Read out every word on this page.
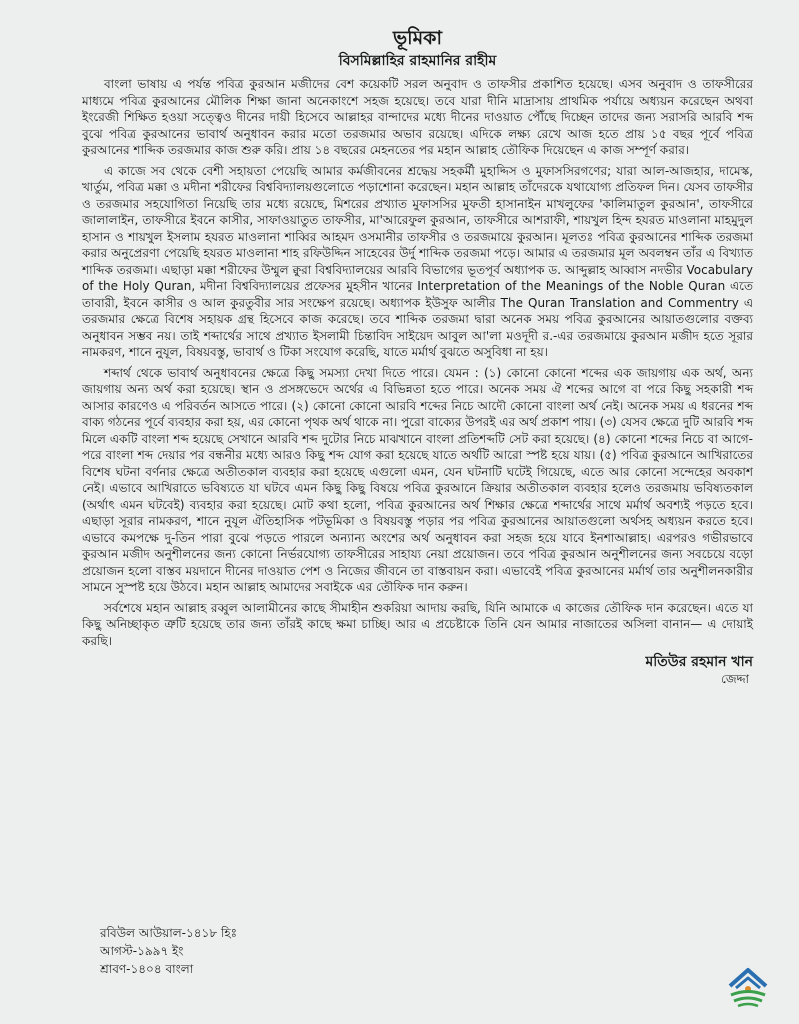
ভূমিকা
বিসমিল্লাহির রাহমানির রাহীম

বাংলা ভাষায় এ পর্যন্ত পবিত্র কুরআন মজীদের বেশ কয়েকটি সরল অনুবাদ ও তাফসীর প্রকাশিত হয়েছে। এসব অনুবাদ ও তাফসীরের মাধ্যমে পবিত্র কুরআনের মৌলিক শিক্ষা জানা অনেকাংশে সহজ হয়েছে। তবে যারা দীনি মাদ্রাসায় প্রাথমিক পর্যায়ে অধ্যয়ন করেছেন অথবা ইংরেজী শিক্ষিত হওয়া সত্ত্বেও দীনের দায়ী হিসেবে আল্লাহর বান্দাদের মধ্যে দীনের দাওয়াত পৌঁছে দিচ্ছেন তাদের জন্য সরাসরি আরবি শব্দ বুঝে পবিত্র কুরআনের ভাবার্থ অনুধাবন করার মতো তরজমার অভাব রয়েছে। এদিকে লক্ষ্য রেখে আজ হতে প্রায় ১৫ বছর পূর্বে পবিত্র কুরআনের শাব্দিক তরজমার কাজ শুরু করি। প্রায় ১৪ বছরের মেহনতের পর মহান আল্লাহ তৌফিক দিয়েছেন এ কাজ সম্পূর্ণ করার।

এ কাজে সব থেকে বেশী সহায়তা পেয়েছি আমার কর্মজীবনের শ্রদ্ধেয় সহকর্মী মুহাদ্দিস ও মুফাসসিরগণের; যারা আল-আজহার, দামেস্ক, খার্তুম, পবিত্র মক্কা ও মদীনা শরীফের বিশ্ববিদ্যালয়গুলোতে পড়াশোনা করেছেন। মহান আল্লাহ তাঁদেরকে যথাযোগ্য প্রতিফল দিন। যেসব তাফসীর ও তরজমার সহযোগিতা নিয়েছি তার মধ্যে রয়েছে, মিশরের প্রখ্যাত মুফাসসির মুফতী হাসানাইন মাখলুফের 'কালিমাতুল কুরআন', তাফসীরে জালালাইন, তাফসীরে ইবনে কাসীর, সাফাওয়াতুত তাফসীর, মা'আরেফুল কুরআন, তাফসীরে আশরাফী, শায়খুল হিন্দ হযরত মাওলানা মাহমুদুল হাসান ও শায়খুল ইসলাম হযরত মাওলানা শাব্বির আহমদ ওসমানীর তাফসীর ও তরজমায়ে কুরআন। মূলতঃ পবিত্র কুরআনের শাব্দিক তরজমা করার অনুপ্রেরণা পেয়েছি হযরত মাওলানা শাহ রফিউদ্দিন সাহেবের উর্দু শাব্দিক তরজমা পড়ে। আমার এ তরজমার মূল অবলম্বন তাঁর এ বিখ্যাত শাব্দিক তরজমা। এছাড়া মক্কা শরীফের উম্মুল ক্বুরা বিশ্ববিদ্যালয়ের আরবি বিভাগের ভূতপূর্ব অধ্যাপক ড. আব্দুল্লাহ আব্বাস নদভীর Vocabulary of the Holy Quran, মদীনা বিশ্ববিদ্যালয়ের প্রফেসর মুহসীন খানের Interpretation of the Meanings of the Noble Quran এতে তাবারী, ইবনে কাসীর ও আল কুরতুবীর সার সংক্ষেপ রয়েছে। অধ্যাপক ইউসুফ আলীর The Quran Translation and Commentry এ তরজমার ক্ষেত্রে বিশেষ সহায়ক গ্রন্থ হিসেবে কাজ করেছে। তবে শাব্দিক তরজমা দ্বারা অনেক সময় পবিত্র কুরআনের আয়াতগুলোর বক্তব্য অনুধাবন সম্ভব নয়। তাই শব্দার্থের সাথে প্রখ্যাত ইসলামী চিন্তাবিদ সাইয়েদ আবুল আ'লা মওদূদী র.-এর তরজমায়ে কুরআন মজীদ হতে সূরার নামকরণ, শানে নুযূল, বিষয়বস্তু, ভাবার্থ ও টিকা সংযোগ করেছি, যাতে মর্মার্থ বুঝতে অসুবিধা না হয়।

শব্দার্থ থেকে ভাবার্থ অনুধাবনের ক্ষেত্রে কিছু সমস্যা দেখা দিতে পারে। যেমন : (১) কোনো কোনো শব্দের এক জায়গায় এক অর্থ, অন্য জায়গায় অন্য অর্থ করা হয়েছে। স্থান ও প্রসঙ্গভেদে অর্থের এ বিভিন্নতা হতে পারে। অনেক সময় ঐ শব্দের আগে বা পরে কিছু সহকারী শব্দ আসার কারণেও এ পরিবর্তন আসতে পারে। (২) কোনো কোনো আরবি শব্দের নিচে আদৌ কোনো বাংলা অর্থ নেই। অনেক সময় এ ধরনের শব্দ বাক্য গঠনের পূর্বে ব্যবহার করা হয়, এর কোনো পৃথক অর্থ থাকে না। পুরো বাক্যের উপরই এর অর্থ প্রকাশ পায়। (৩) যেসব ক্ষেত্রে দুটি আরবি শব্দ মিলে একটি বাংলা শব্দ হয়েছে সেখানে আরবি শব্দ দুটোর নিচে মাঝখানে বাংলা প্রতিশব্দটি সেট করা হয়েছে। (৪) কোনো শব্দের নিচে বা আগে-পরে বাংলা শব্দ দেয়ার পর বন্ধনীর মধ্যে আরও কিছু শব্দ যোগ করা হয়েছে যাতে অর্থটি আরো স্পষ্ট হয়ে যায়। (৫) পবিত্র কুরআনে আখিরাতের বিশেষ ঘটনা বর্ণনার ক্ষেত্রে অতীতকাল ব্যবহার করা হয়েছে এগুলো এমন, যেন ঘটনাটি ঘটেই গিয়েছে, এতে আর কোনো সন্দেহের অবকাশ নেই। এভাবে আখিরাতে ভবিষ্যতে যা ঘটবে এমন কিছু কিছু বিষয়ে পবিত্র কুরআনে ক্রিয়ার অতীতকাল ব্যবহার হলেও তরজমায় ভবিষ্যতকাল (অর্থাৎ এমন ঘটবেই) ব্যবহার করা হয়েছে। মোট কথা হলো, পবিত্র কুরআনের অর্থ শিক্ষার ক্ষেত্রে শব্দার্থের সাথে মর্মার্থ অবশ্যই পড়তে হবে। এছাড়া সূরার নামকরণ, শানে নুযূল ঐতিহাসিক পটভূমিকা ও বিষয়বস্তু পড়ার পর পবিত্র কুরআনের আয়াতগুলো অর্থসহ অধ্যয়ন করতে হবে। এভাবে কমপক্ষে দু-তিন পারা বুঝে পড়তে পারলে অন্যান্য অংশের অর্থ অনুধাবন করা সহজ হয়ে যাবে ইনশাআল্লাহ। এরপরও গভীরভাবে কুরআন মজীদ অনুশীলনের জন্য কোনো নির্ভরযোগ্য তাফসীরের সাহায্য নেয়া প্রয়োজন। তবে পবিত্র কুরআন অনুশীলনের জন্য সবচেয়ে বড়ো প্রয়োজন হলো বাস্তব ময়দানে দীনের দাওয়াত পেশ ও নিজের জীবনে তা বাস্তবায়ন করা। এভাবেই পবিত্র কুরআনের মর্মার্থ তার অনুশীলনকারীর সামনে সুস্পষ্ট হয়ে উঠবে। মহান আল্লাহ আমাদের সবাইকে এর তৌফিক দান করুন।

সর্বশেষে মহান আল্লাহ রব্বুল আলামীনের কাছে সীমাহীন শুকরিয়া আদায় করছি, যিনি আমাকে এ কাজের তৌফিক দান করেছেন। এতে যা কিছু অনিচ্ছাকৃত ত্রুটি হয়েছে তার জন্য তাঁরই কাছে ক্ষমা চাচ্ছি। আর এ প্রচেষ্টাকে তিনি যেন আমার নাজাতের অসিলা বানান— এ দোয়াই করছি।

মতিউর রহমান খান
জেদ্দা
রবিউল আউয়াল-১৪১৮ হিঃ
আগস্ট-১৯৯৭ ইং
শ্রাবণ-১৪০৪ বাংলা
